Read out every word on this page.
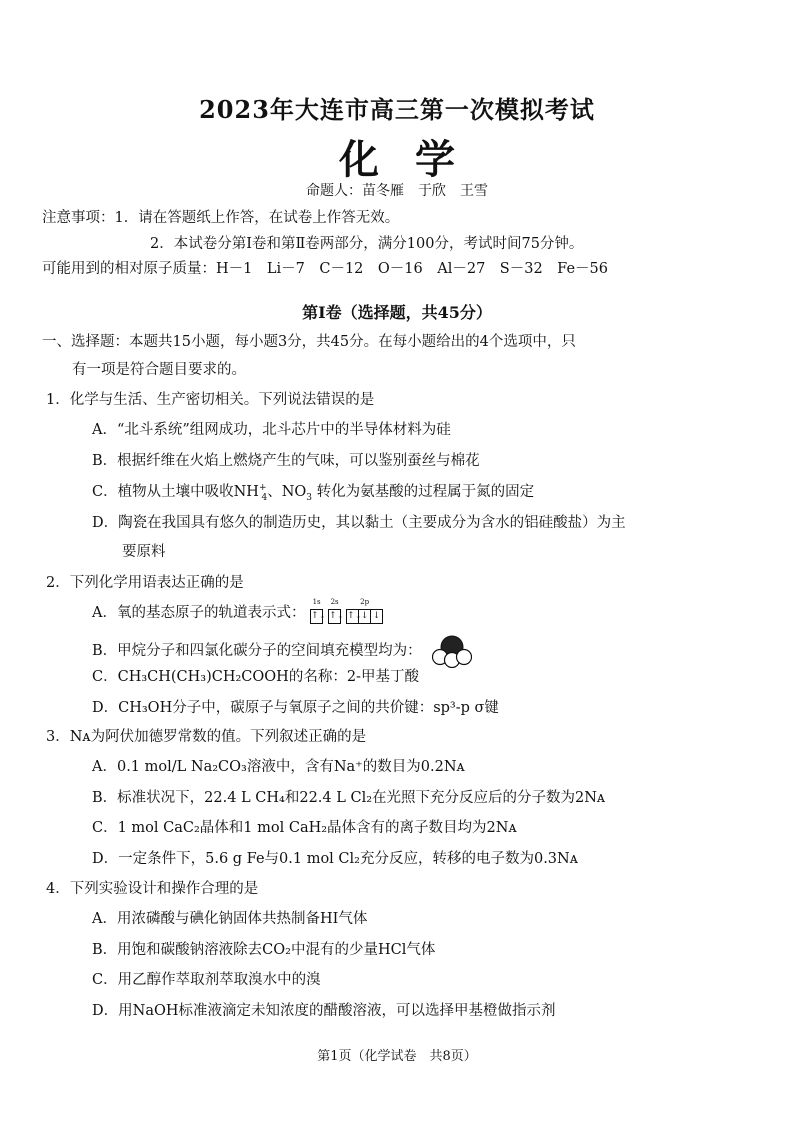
2023年大连市高三第一次模拟考试
化学
命题人：苗冬雁　于欣　王雪
注意事项：1．请在答题纸上作答，在试卷上作答无效。
2．本试卷分第Ⅰ卷和第Ⅱ卷两部分，满分100分，考试时间75分钟。
可能用到的相对原子质量：H－1　Li－7　C－12　O－16　Al－27　S－32　Fe－56
第Ⅰ卷（选择题，共45分）
一、选择题：本题共15小题，每小题3分，共45分。在每小题给出的4个选项中，只
有一项是符合题目要求的。
1．化学与生活、生产密切相关。下列说法错误的是
A．“北斗系统”组网成功，北斗芯片中的半导体材料为硅
B．根据纤维在火焰上燃烧产生的气味，可以鉴别蚕丝与棉花
C．植物从土壤中吸收$NH^+_4$、$NO_3$ 转化为氨基酸的过程属于氮的固定
D．陶瓷在我国具有悠久的制造历史，其以黏土（主要成分为含水的铝硅酸盐）为主
要原料
2．下列化学用语表达正确的是
A．氧的基态原子的轨道表示式：
1s
↑↓
2s
↑↓
2p
↑↓↓ ↓
B．甲烷分子和四氯化碳分子的空间填充模型均为：
C．CH₃CH(CH₃)CH₂COOH的名称：2-甲基丁酸
D．CH₃OH分子中，碳原子与氧原子之间的共价键：sp³-p σ键
3．Nᴀ为阿伏加德罗常数的值。下列叙述正确的是
A．0.1 mol/L Na₂CO₃溶液中，含有Na⁺的数目为0.2Nᴀ
B．标准状况下，22.4 L CH₄和22.4 L Cl₂在光照下充分反应后的分子数为2Nᴀ
C．1 mol CaC₂晶体和1 mol CaH₂晶体含有的离子数目均为2Nᴀ
D．一定条件下，5.6 g Fe与0.1 mol Cl₂充分反应，转移的电子数为0.3Nᴀ
4．下列实验设计和操作合理的是
A．用浓磷酸与碘化钠固体共热制备HI气体
B．用饱和碳酸钠溶液除去CO₂中混有的少量HCl气体
C．用乙醇作萃取剂萃取溴水中的溴
D．用NaOH标准液滴定未知浓度的醋酸溶液，可以选择甲基橙做指示剂
第1页（化学试卷　共8页）
